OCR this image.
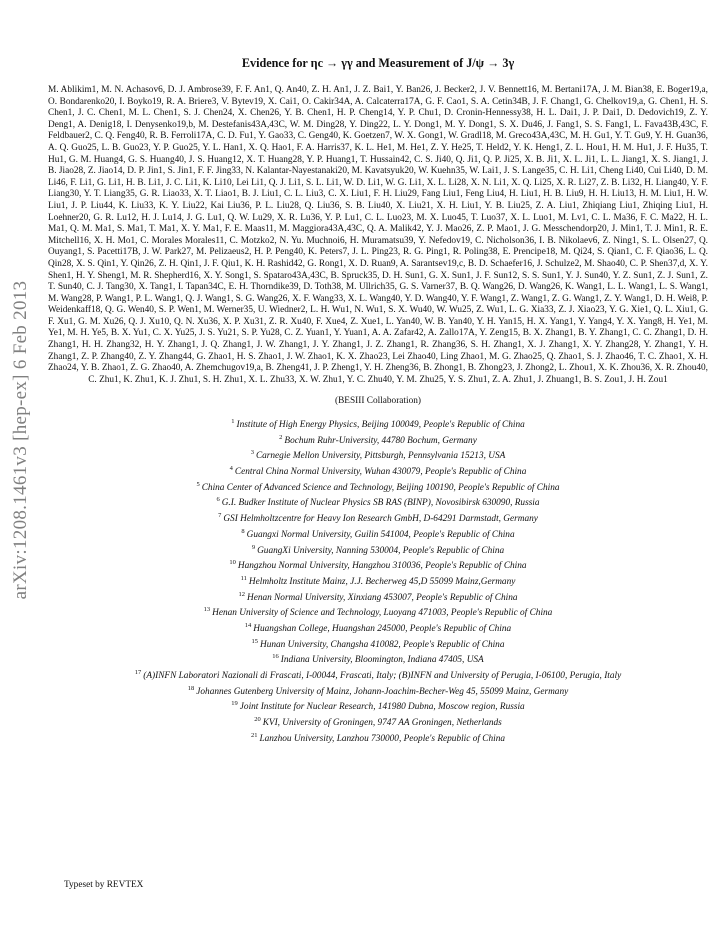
arXiv:1208.1461v3 [hep-ex] 6 Feb 2013
Evidence for ηc → γγ and Measurement of J/ψ → 3γ

M. Ablikim1, M. N. Achasov6, D. J. Ambrose39, F. F. An1, Q. An40, Z. H. An1, J. Z. Bai1, Y. Ban26, J. Becker2, J. V. Bennett16, M. Bertani17A, J. M. Bian38, E. Boger19,a, O. Bondarenko20, I. Boyko19, R. A. Briere3, V. Bytev19, X. Cai1, O. Cakir34A, A. Calcaterra17A, G. F. Cao1, S. A. Cetin34B, J. F. Chang1, G. Chelkov19,a, G. Chen1, H. S. Chen1, J. C. Chen1, M. L. Chen1, S. J. Chen24, X. Chen26, Y. B. Chen1, H. P. Cheng14, Y. P. Chu1, D. Cronin-Hennessy38, H. L. Dai1, J. P. Dai1, D. Dedovich19, Z. Y. Deng1, A. Denig18, I. Denysenko19,b, M. Destefanis43A,43C, W. M. Ding28, Y. Ding22, L. Y. Dong1, M. Y. Dong1, S. X. Du46, J. Fang1, S. S. Fang1, L. Fava43B,43C, F. Feldbauer2, C. Q. Feng40, R. B. Ferroli17A, C. D. Fu1, Y. Gao33, C. Geng40, K. Goetzen7, W. X. Gong1, W. Gradl18, M. Greco43A,43C, M. H. Gu1, Y. T. Gu9, Y. H. Guan36, A. Q. Guo25, L. B. Guo23, Y. P. Guo25, Y. L. Han1, X. Q. Hao1, F. A. Harris37, K. L. He1, M. He1, Z. Y. He25, T. Held2, Y. K. Heng1, Z. L. Hou1, H. M. Hu1, J. F. Hu35, T. Hu1, G. M. Huang4, G. S. Huang40, J. S. Huang12, X. T. Huang28, Y. P. Huang1, T. Hussain42, C. S. Ji40, Q. Ji1, Q. P. Ji25, X. B. Ji1, X. L. Ji1, L. L. Jiang1, X. S. Jiang1, J. B. Jiao28, Z. Jiao14, D. P. Jin1, S. Jin1, F. F. Jing33, N. Kalantar-Nayestanaki20, M. Kavatsyuk20, W. Kuehn35, W. Lai1, J. S. Lange35, C. H. Li1, Cheng Li40, Cui Li40, D. M. Li46, F. Li1, G. Li1, H. B. Li1, J. C. Li1, K. Li10, Lei Li1, Q. J. Li1, S. L. Li1, W. D. Li1, W. G. Li1, X. L. Li28, X. N. Li1, X. Q. Li25, X. R. Li27, Z. B. Li32, H. Liang40, Y. F. Liang30, Y. T. Liang35, G. R. Liao33, X. T. Liao1, B. J. Liu1, C. L. Liu3, C. X. Liu1, F. H. Liu29, Fang Liu1, Feng Liu4, H. Liu1, H. B. Liu9, H. H. Liu13, H. M. Liu1, H. W. Liu1, J. P. Liu44, K. Liu33, K. Y. Liu22, Kai Liu36, P. L. Liu28, Q. Liu36, S. B. Liu40, X. Liu21, X. H. Liu1, Y. B. Liu25, Z. A. Liu1, Zhiqiang Liu1, Zhiqing Liu1, H. Loehner20, G. R. Lu12, H. J. Lu14, J. G. Lu1, Q. W. Lu29, X. R. Lu36, Y. P. Lu1, C. L. Luo23, M. X. Luo45, T. Luo37, X. L. Luo1, M. Lv1, C. L. Ma36, F. C. Ma22, H. L. Ma1, Q. M. Ma1, S. Ma1, T. Ma1, X. Y. Ma1, F. E. Maas11, M. Maggiora43A,43C, Q. A. Malik42, Y. J. Mao26, Z. P. Mao1, J. G. Messchendorp20, J. Min1, T. J. Min1, R. E. Mitchell16, X. H. Mo1, C. Morales Morales11, C. Motzko2, N. Yu. Muchnoi6, H. Muramatsu39, Y. Nefedov19, C. Nicholson36, I. B. Nikolaev6, Z. Ning1, S. L. Olsen27, Q. Ouyang1, S. Pacetti17B, J. W. Park27, M. Pelizaeus2, H. P. Peng40, K. Peters7, J. L. Ping23, R. G. Ping1, R. Poling38, E. Prencipe18, M. Qi24, S. Qian1, C. F. Qiao36, L. Q. Qin28, X. S. Qin1, Y. Qin26, Z. H. Qin1, J. F. Qiu1, K. H. Rashid42, G. Rong1, X. D. Ruan9, A. Sarantsev19,c, B. D. Schaefer16, J. Schulze2, M. Shao40, C. P. Shen37,d, X. Y. Shen1, H. Y. Sheng1, M. R. Shepherd16, X. Y. Song1, S. Spataro43A,43C, B. Spruck35, D. H. Sun1, G. X. Sun1, J. F. Sun12, S. S. Sun1, Y. J. Sun40, Y. Z. Sun1, Z. J. Sun1, Z. T. Sun40, C. J. Tang30, X. Tang1, I. Tapan34C, E. H. Thorndike39, D. Toth38, M. Ullrich35, G. S. Varner37, B. Q. Wang26, D. Wang26, K. Wang1, L. L. Wang1, L. S. Wang1, M. Wang28, P. Wang1, P. L. Wang1, Q. J. Wang1, S. G. Wang26, X. F. Wang33, X. L. Wang40, Y. D. Wang40, Y. F. Wang1, Z. Wang1, Z. G. Wang1, Z. Y. Wang1, D. H. Wei8, P. Weidenkaff18, Q. G. Wen40, S. P. Wen1, M. Werner35, U. Wiedner2, L. H. Wu1, N. Wu1, S. X. Wu40, W. Wu25, Z. Wu1, L. G. Xia33, Z. J. Xiao23, Y. G. Xie1, Q. L. Xiu1, G. F. Xu1, G. M. Xu26, Q. J. Xu10, Q. N. Xu36, X. P. Xu31, Z. R. Xu40, F. Xue4, Z. Xue1, L. Yan40, W. B. Yan40, Y. H. Yan15, H. X. Yang1, Y. Yang4, Y. X. Yang8, H. Ye1, M. Ye1, M. H. Ye5, B. X. Yu1, C. X. Yu25, J. S. Yu21, S. P. Yu28, C. Z. Yuan1, Y. Yuan1, A. A. Zafar42, A. Zallo17A, Y. Zeng15, B. X. Zhang1, B. Y. Zhang1, C. C. Zhang1, D. H. Zhang1, H. H. Zhang32, H. Y. Zhang1, J. Q. Zhang1, J. W. Zhang1, J. Y. Zhang1, J. Z. Zhang1, R. Zhang36, S. H. Zhang1, X. J. Zhang1, X. Y. Zhang28, Y. Zhang1, Y. H. Zhang1, Z. P. Zhang40, Z. Y. Zhang44, G. Zhao1, H. S. Zhao1, J. W. Zhao1, K. X. Zhao23, Lei Zhao40, Ling Zhao1, M. G. Zhao25, Q. Zhao1, S. J. Zhao46, T. C. Zhao1, X. H. Zhao24, Y. B. Zhao1, Z. G. Zhao40, A. Zhemchugov19,a, B. Zheng41, J. P. Zheng1, Y. H. Zheng36, B. Zhong1, B. Zhong23, J. Zhong2, L. Zhou1, X. K. Zhou36, X. R. Zhou40, C. Zhu1, K. Zhu1, K. J. Zhu1, S. H. Zhu1, X. L. Zhu33, X. W. Zhu1, Y. C. Zhu40, Y. M. Zhu25, Y. S. Zhu1, Z. A. Zhu1, J. Zhuang1, B. S. Zou1, J. H. Zou1

(BESIII Collaboration)

$^1$ Institute of High Energy Physics, Beijing 100049, People's Republic of China
$^2$ Bochum Ruhr-University, 44780 Bochum, Germany
$^3$ Carnegie Mellon University, Pittsburgh, Pennsylvania 15213, USA
$^4$ Central China Normal University, Wuhan 430079, People's Republic of China
$^5$ China Center of Advanced Science and Technology, Beijing 100190, People's Republic of China
$^6$ G.I. Budker Institute of Nuclear Physics SB RAS (BINP), Novosibirsk 630090, Russia
$^7$ GSI Helmholtzcentre for Heavy Ion Research GmbH, D-64291 Darmstadt, Germany
$^8$ Guangxi Normal University, Guilin 541004, People's Republic of China
$^9$ GuangXi University, Nanning 530004, People's Republic of China
$^{10}$ Hangzhou Normal University, Hangzhou 310036, People's Republic of China
$^{11}$ Helmholtz Institute Mainz, J.J. Becherweg 45,D 55099 Mainz,Germany
$^{12}$ Henan Normal University, Xinxiang 453007, People's Republic of China
$^{13}$ Henan University of Science and Technology, Luoyang 471003, People's Republic of China
$^{14}$ Huangshan College, Huangshan 245000, People's Republic of China
$^{15}$ Hunan University, Changsha 410082, People's Republic of China
$^{16}$ Indiana University, Bloomington, Indiana 47405, USA
$^{17}$ (A)INFN Laboratori Nazionali di Frascati, I-00044, Frascati, Italy; (B)INFN and University of Perugia, I-06100, Perugia, Italy
$^{18}$ Johannes Gutenberg University of Mainz, Johann-Joachim-Becher-Weg 45, 55099 Mainz, Germany
$^{19}$ Joint Institute for Nuclear Research, 141980 Dubna, Moscow region, Russia
$^{20}$ KVI, University of Groningen, 9747 AA Groningen, Netherlands
$^{21}$ Lanzhou University, Lanzhou 730000, People's Republic of China
Typeset by REVTEX
